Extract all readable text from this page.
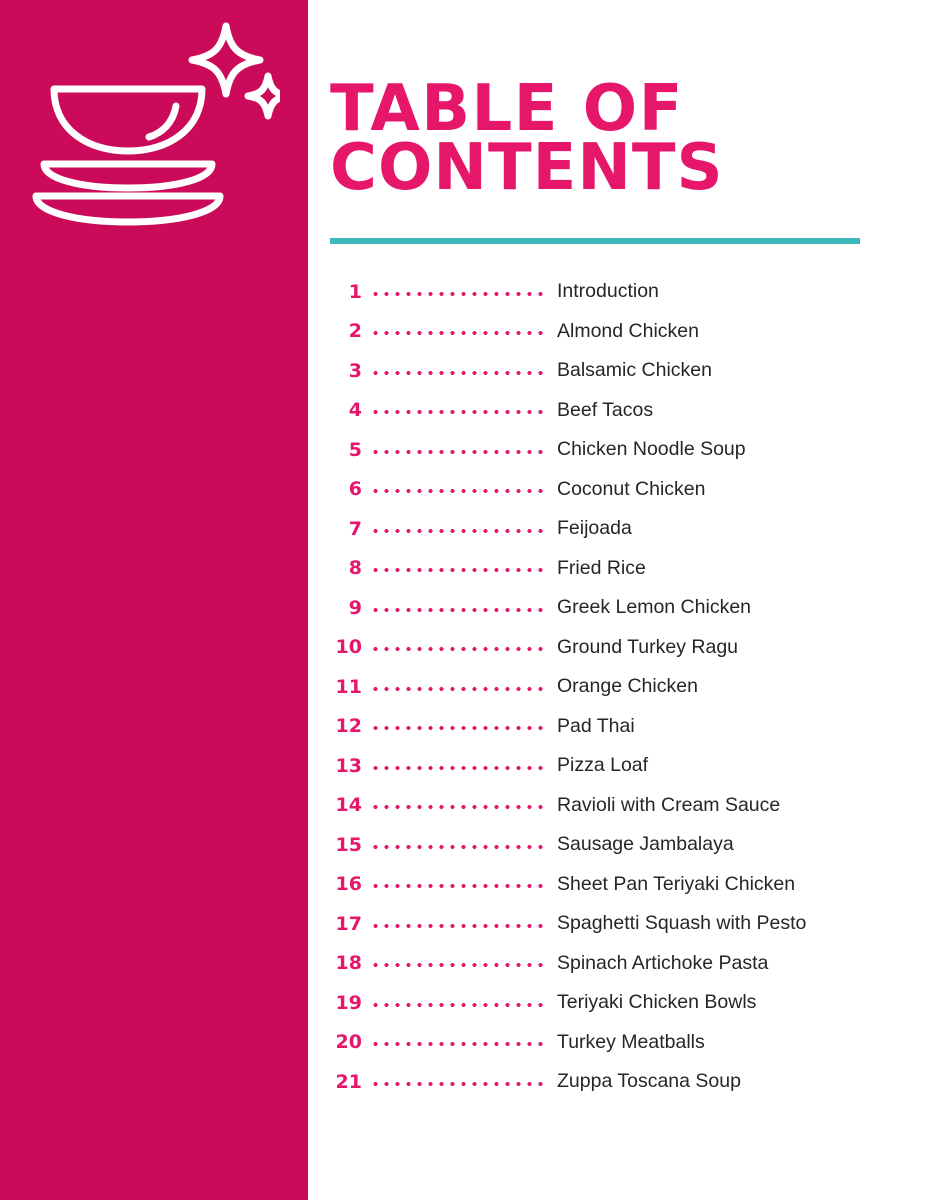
TABLE OF
CONTENTS
1	Introduction
2	Almond Chicken
3	Balsamic Chicken
4	Beef Tacos
5	Chicken Noodle Soup
6	Coconut Chicken
7	Feijoada
8	Fried Rice
9	Greek Lemon Chicken
10	Ground Turkey Ragu
11	Orange Chicken
12	Pad Thai
13	Pizza Loaf
14	Ravioli with Cream Sauce
15	Sausage Jambalaya
16	Sheet Pan Teriyaki Chicken
17	Spaghetti Squash with Pesto
18	Spinach Artichoke Pasta
19	Teriyaki Chicken Bowls
20	Turkey Meatballs
21	Zuppa Toscana Soup
